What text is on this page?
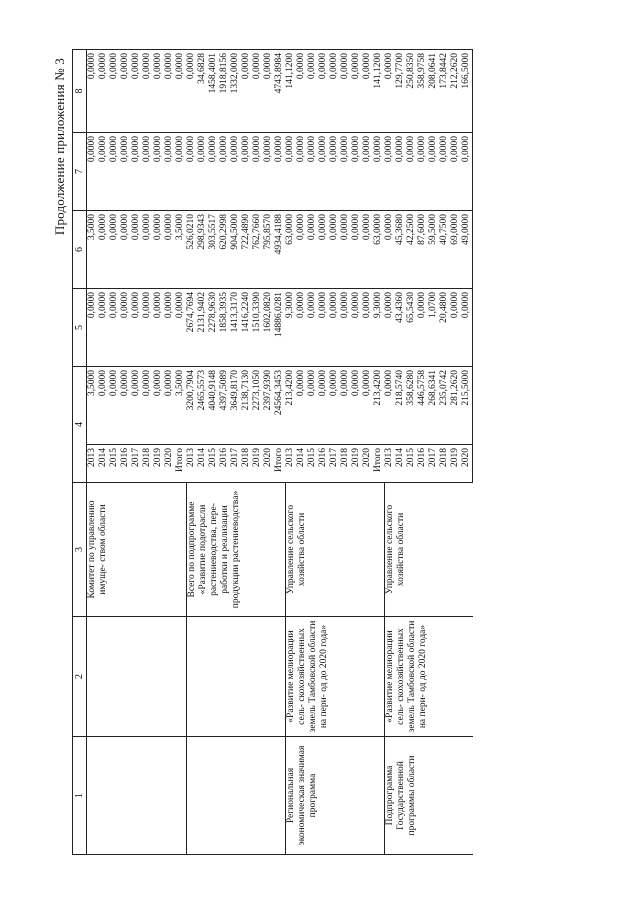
Продолжение приложения № 3
1	2	3	4		5	6	7	8
		Комитет по управлению имуще- ством области	2013	3,5000	0,0000	3,5000	0,0000	0,0000
			2014	0,0000	0,0000	0,0000	0,0000	0,0000
			2015	0,0000	0,0000	0,0000	0,0000	0,0000
			2016	0,0000	0,0000	0,0000	0,0000	0,0000
			2017	0,0000	0,0000	0,0000	0,0000	0,0000
			2018	0,0000	0,0000	0,0000	0,0000	0,0000
			2019	0,0000	0,0000	0,0000	0,0000	0,0000
			2020	0,0000	0,0000	0,0000	0,0000	0,0000
			Итого	3,5000	0,0000	3,5000	0,0000	0,0000
		Всего по подпрограмме «Развитие подотрасли растениеводства, пере- работки и реализации продукции растениеводства»	2013	3200,7904	2674,7694	526,0210	0,0000	0,0000
			2014	2465,5573	2131,9402	298,9343	0,0000	34,6828
			2015	4040,9148	2278,9630	303,5517	0,0000	1458,4001
			2016	4397,5089	1858,3935	620,2998	0,0000	1918,8156
			2017	3649,8170	1413,3170	904,5000	0,0000	1332,0000
			2018	2138,7130	1416,2240	722,4890	0,0000	0,0000
			2019	2273,1050	1510,3390	762,7660	0,0000	0,0000
			2020	2397,9390	1602,0820	795,8570	0,0000	0,0000
			Итого	24564,3453	14886,0281	4934,4188	0,0000	4743,8984
Региональная экономическая значимая программа	«Развитие мелиорации сель- скохозяйственных земель Тамбовской области на пери- од до 2020 года»	Управление сельского хозяйства области	2013	213,4200	9,3000	63,0000	0,0000	141,1200
			2014	0,0000	0,0000	0,0000	0,0000	0,0000
			2015	0,0000	0,0000	0,0000	0,0000	0,0000
			2016	0,0000	0,0000	0,0000	0,0000	0,0000
			2017	0,0000	0,0000	0,0000	0,0000	0,0000
			2018	0,0000	0,0000	0,0000	0,0000	0,0000
			2019	0,0000	0,0000	0,0000	0,0000	0,0000
			2020	0,0000	0,0000	0,0000	0,0000	0,0000
			Итого	213,4200	9,3000	63,0000	0,0000	141,1200
Подпрограмма Государственной программы области	«Развитие мелиорации сель- скохозяйственных земель Тамбовской области на пери- од до 2020 года»	Управление сельского хозяйства области	2013	0,0000	0,0000	0,0000	0,0000	0,0000
			2014	218,5740	43,4360	45,3680	0,0000	129,7700
			2015	358,6280	65,5430	42,2500	0,0000	250,8350
			2016	446,5758	0,0000	87,6000	0,0000	358,9758
			2017	268,6341	1,0700	59,5000	0,0000	208,0641
			2018	235,0742	20,4800	40,7500	0,0000	173,8442
			2019	281,2620	0,0000	69,0000	0,0000	212,2620
			2020	215,5000	0,0000	49,0000	0,0000	166,5000
